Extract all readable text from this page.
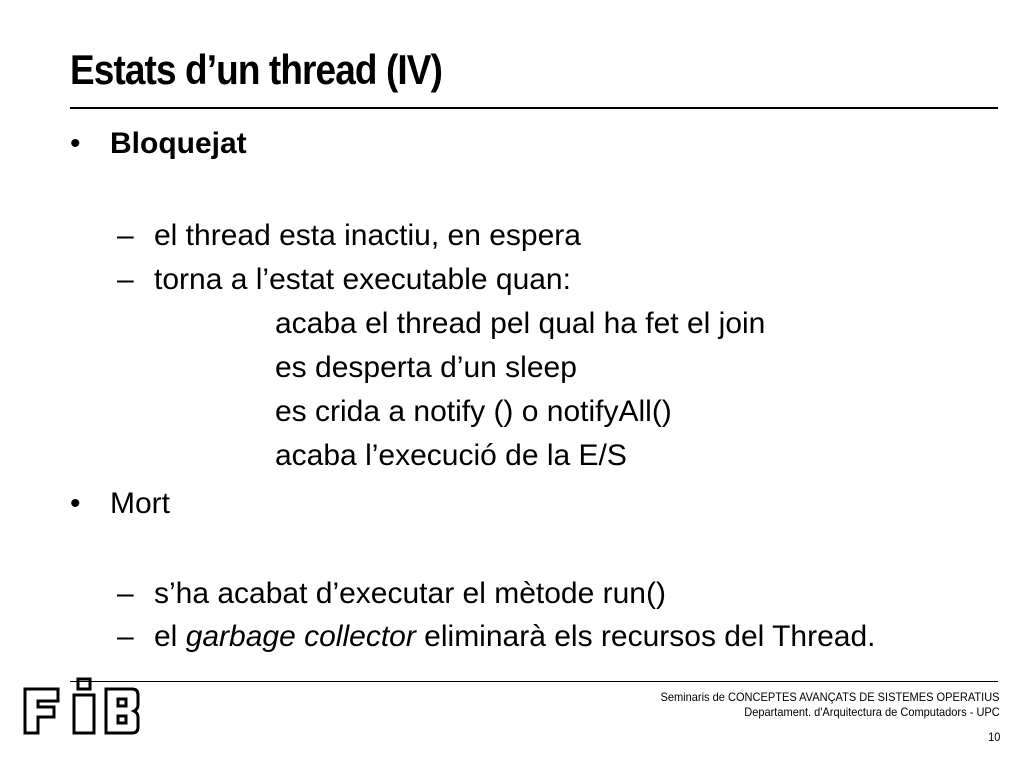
Estats d’un thread (IV)
• Bloquejat
– el thread esta inactiu, en espera
– torna a l’estat executable quan:
acaba el thread pel qual ha fet el join
es desperta d’un sleep
es crida a notify () o notifyAll()
acaba l’execució de la E/S
• Mort
– s’ha acabat d’executar el mètode run()
– el garbage collector eliminarà els recursos del Thread.
Seminaris de CONCEPTES AVANÇATS DE SISTEMES OPERATIUS
Departament. d'Arquitectura de Computadors - UPC
10
